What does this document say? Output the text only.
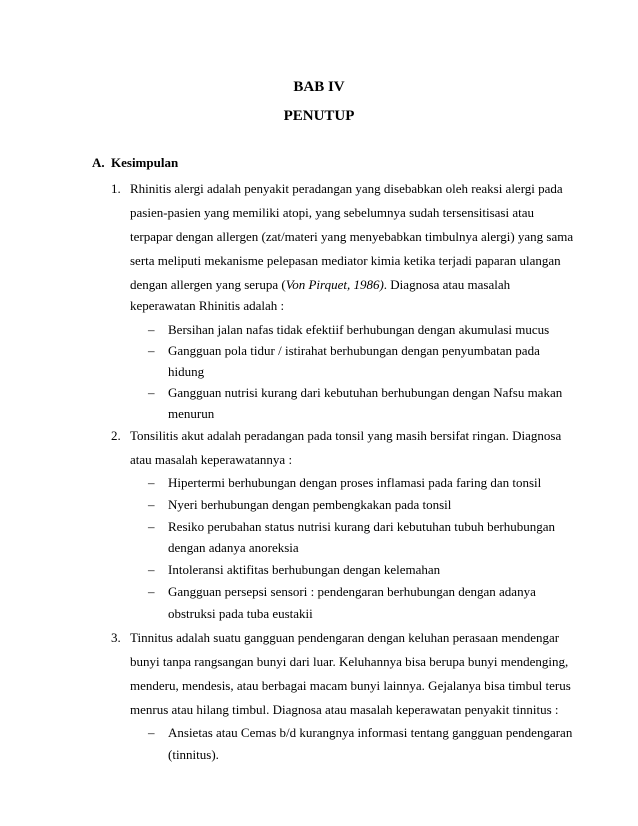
BAB IV
PENUTUP
A. Kesimpulan
1. Rhinitis alergi adalah penyakit peradangan yang disebabkan oleh reaksi alergi pada
pasien-pasien yang memiliki atopi, yang sebelumnya sudah tersensitisasi atau
terpapar dengan allergen (zat/materi yang menyebabkan timbulnya alergi) yang sama
serta meliputi mekanisme pelepasan mediator kimia ketika terjadi paparan ulangan
dengan allergen yang serupa (Von Pirquet, 1986). Diagnosa atau masalah
keperawatan Rhinitis adalah :
– Bersihan jalan nafas tidak efektiif berhubungan dengan akumulasi mucus
– Gangguan pola tidur / istirahat berhubungan dengan penyumbatan pada
hidung
– Gangguan nutrisi kurang dari kebutuhan berhubungan dengan Nafsu makan
menurun
2. Tonsilitis akut adalah peradangan pada tonsil yang masih bersifat ringan. Diagnosa
atau masalah keperawatannya :
– Hipertermi berhubungan dengan proses inflamasi pada faring dan tonsil
– Nyeri berhubungan dengan pembengkakan pada tonsil
– Resiko perubahan status nutrisi kurang dari kebutuhan tubuh berhubungan
dengan adanya anoreksia
– Intoleransi aktifitas berhubungan dengan kelemahan
– Gangguan persepsi sensori : pendengaran berhubungan dengan adanya
obstruksi pada tuba eustakii
3. Tinnitus adalah suatu gangguan pendengaran dengan keluhan perasaan mendengar
bunyi tanpa rangsangan bunyi dari luar. Keluhannya bisa berupa bunyi mendenging,
menderu, mendesis, atau berbagai macam bunyi lainnya. Gejalanya bisa timbul terus
menrus atau hilang timbul. Diagnosa atau masalah keperawatan penyakit tinnitus :
– Ansietas atau Cemas b/d kurangnya informasi tentang gangguan pendengaran
(tinnitus).
